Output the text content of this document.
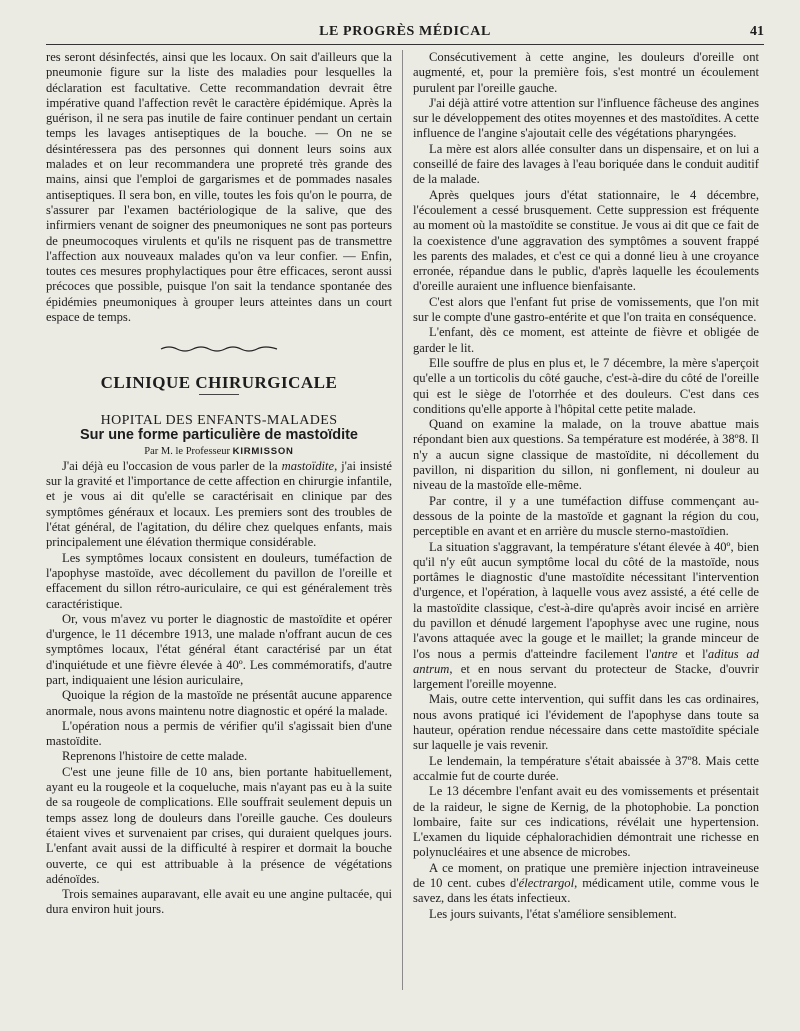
LE PROGRÈS MÉDICAL	41

res seront désinfectés, ainsi que les locaux. On sait d'ailleurs que la pneumonie figure sur la liste des maladies pour lesquelles la déclaration est facultative. Cette recommandation devrait être impérative quand l'affection revêt le caractère épidémique. Après la guérison, il ne sera pas inutile de faire continuer pendant un certain temps les lavages antiseptiques de la bouche. — On ne se désintéressera pas des personnes qui donnent leurs soins aux malades et on leur recommandera une propreté très grande des mains, ainsi que l'emploi de gargarismes et de pommades nasales antiseptiques. Il sera bon, en ville, toutes les fois qu'on le pourra, de s'assurer par l'examen bactériologique de la salive, que des infirmiers venant de soigner des pneumoniques ne sont pas porteurs de pneumocoques virulents et qu'ils ne risquent pas de transmettre l'affection aux nouveaux malades qu'on va leur confier. — Enfin, toutes ces mesures prophylactiques pour être efficaces, seront aussi précoces que possible, puisque l'on sait la tendance spontanée des épidémies pneumoniques à grouper leurs atteintes dans un court espace de temps.

CLINIQUE CHIRURGICALE

HOPITAL DES ENFANTS-MALADES

Sur une forme particulière de mastoïdite

Par M. le Professeur KIRMISSON

J'ai déjà eu l'occasion de vous parler de la mastoïdite, j'ai insisté sur la gravité et l'importance de cette affection en chirurgie infantile, et je vous ai dit qu'elle se caractérisait en clinique par des symptômes généraux et locaux. Les premiers sont des troubles de l'état général, de l'agitation, du délire chez quelques enfants, mais principalement une élévation thermique considérable.

Les symptômes locaux consistent en douleurs, tuméfaction de l'apophyse mastoïde, avec décollement du pavillon de l'oreille et effacement du sillon rétro-auriculaire, ce qui est généralement très caractéristique.

Or, vous m'avez vu porter le diagnostic de mastoïdite et opérer d'urgence, le 11 décembre 1913, une malade n'offrant aucun de ces symptômes locaux, l'état général étant caractérisé par un état d'inquiétude et une fièvre élevée à 40º. Les commémoratifs, d'autre part, indiquaient une lésion auriculaire,

Quoique la région de la mastoïde ne présentât aucune apparence anormale, nous avons maintenu notre diagnostic et opéré la malade.

L'opération nous a permis de vérifier qu'il s'agissait bien d'une mastoïdite.

Reprenons l'histoire de cette malade.

C'est une jeune fille de 10 ans, bien portante habituellement, ayant eu la rougeole et la coqueluche, mais n'ayant pas eu à la suite de sa rougeole de complications. Elle souffrait seulement depuis un temps assez long de douleurs dans l'oreille gauche. Ces douleurs étaient vives et survenaient par crises, qui duraient quelques jours. L'enfant avait aussi de la difficulté à respirer et dormait la bouche ouverte, ce qui est attribuable à la présence de végétations adénoïdes.

Trois semaines auparavant, elle avait eu une angine pultacée, qui dura environ huit jours.

Consécutivement à cette angine, les douleurs d'oreille ont augmenté, et, pour la première fois, s'est montré un écoulement purulent par l'oreille gauche.

J'ai déjà attiré votre attention sur l'influence fâcheuse des angines sur le développement des otites moyennes et des mastoïdites. A cette influence de l'angine s'ajoutait celle des végétations pharyngées.

La mère est alors allée consulter dans un dispensaire, et on lui a conseillé de faire des lavages à l'eau boriquée dans le conduit auditif de la malade.

Après quelques jours d'état stationnaire, le 4 décembre, l'écoulement a cessé brusquement. Cette suppression est fréquente au moment où la mastoïdite se constitue. Je vous ai dit que ce fait de la coexistence d'une aggravation des symptômes a souvent frappé les parents des malades, et c'est ce qui a donné lieu à une croyance erronée, répandue dans le public, d'après laquelle les écoulements d'oreille auraient une influence bienfaisante.

C'est alors que l'enfant fut prise de vomissements, que l'on mit sur le compte d'une gastro-entérite et que l'on traita en conséquence.

L'enfant, dès ce moment, est atteinte de fièvre et obligée de garder le lit.

Elle souffre de plus en plus et, le 7 décembre, la mère s'aperçoit qu'elle a un torticolis du côté gauche, c'est-à-dire du côté de l'oreille qui est le siège de l'otorrhée et des douleurs. C'est dans ces conditions qu'elle apporte à l'hôpital cette petite malade.

Quand on examine la malade, on la trouve abattue mais répondant bien aux questions. Sa température est modérée, à 38º8. Il n'y a aucun signe classique de mastoïdite, ni décollement du pavillon, ni disparition du sillon, ni gonflement, ni douleur au niveau de la mastoïde elle-même.

Par contre, il y a une tuméfaction diffuse commençant au-dessous de la pointe de la mastoïde et gagnant la région du cou, perceptible en avant et en arrière du muscle sterno-mastoïdien.

La situation s'aggravant, la température s'étant élevée à 40º, bien qu'il n'y eût aucun symptôme local du côté de la mastoïde, nous portâmes le diagnostic d'une mastoïdite nécessitant l'intervention d'urgence, et l'opération, à laquelle vous avez assisté, a été celle de la mastoïdite classique, c'est-à-dire qu'après avoir incisé en arrière du pavillon et dénudé largement l'apophyse avec une rugine, nous l'avons attaquée avec la gouge et le maillet; la grande minceur de l'os nous a permis d'atteindre facilement l'antre et l'aditus ad antrum, et en nous servant du protecteur de Stacke, d'ouvrir largement l'oreille moyenne.

Mais, outre cette intervention, qui suffit dans les cas ordinaires, nous avons pratiqué ici l'évidement de l'apophyse dans toute sa hauteur, opération rendue nécessaire dans cette mastoïdite spéciale sur laquelle je vais revenir.

Le lendemain, la température s'était abaissée à 37º8. Mais cette accalmie fut de courte durée.

Le 13 décembre l'enfant avait eu des vomissements et présentait de la raideur, le signe de Kernig, de la photophobie. La ponction lombaire, faite sur ces indications, révélait une hypertension. L'examen du liquide céphalorachidien démontrait une richesse en polynucléaires et une absence de microbes.

A ce moment, on pratique une première injection intraveineuse de 10 cent. cubes d'électrargol, médicament utile, comme vous le savez, dans les états infectieux.

Les jours suivants, l'état s'améliore sensiblement.
